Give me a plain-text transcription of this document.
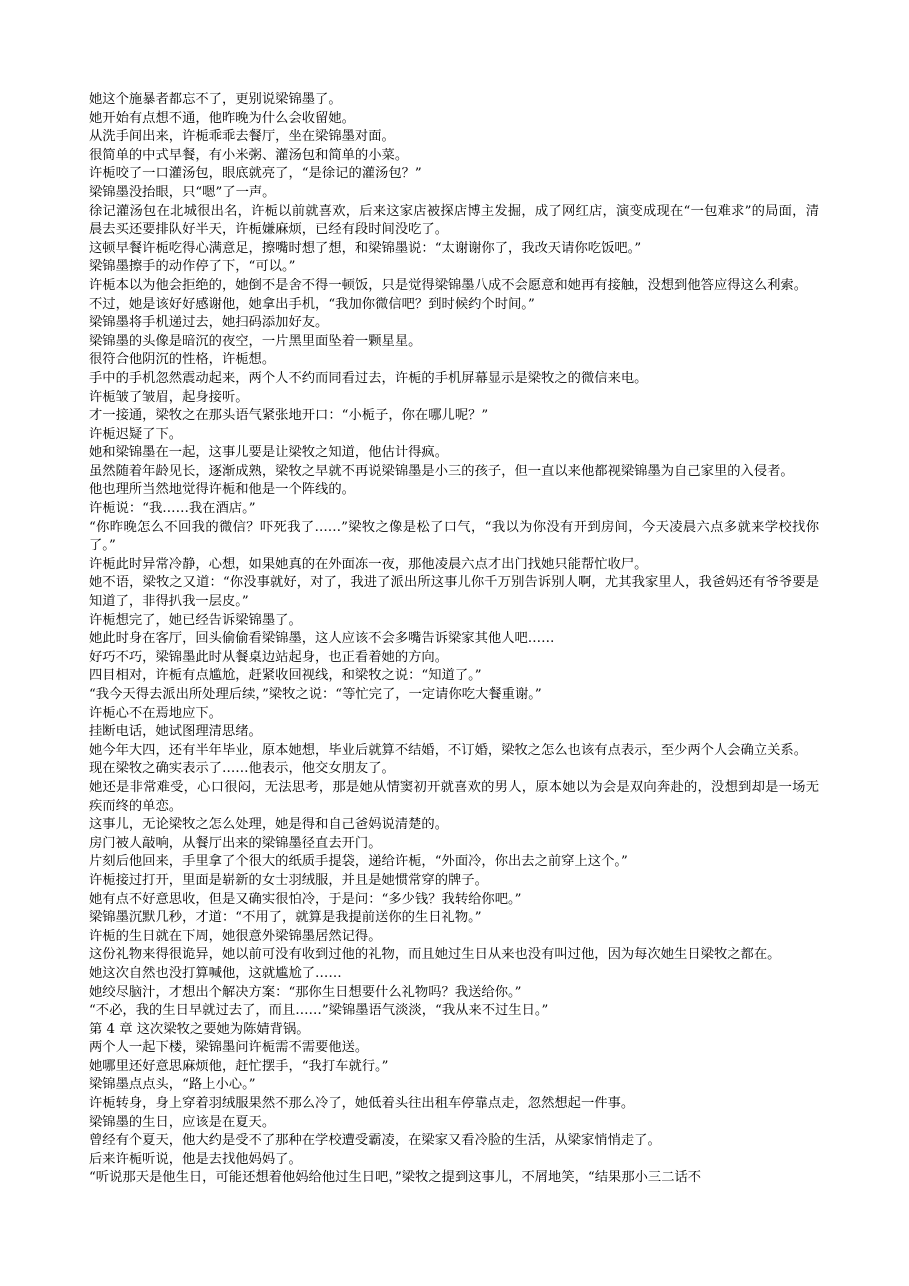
她这个施暴者都忘不了，更别说梁锦墨了。

她开始有点想不通，他昨晚为什么会收留她。

从洗手间出来，许栀乖乖去餐厅，坐在梁锦墨对面。

很简单的中式早餐，有小米粥、灌汤包和简单的小菜。

许栀咬了一口灌汤包，眼底就亮了，“是徐记的灌汤包？”

梁锦墨没抬眼，只“嗯”了一声。

徐记灌汤包在北城很出名，许栀以前就喜欢，后来这家店被探店博主发掘，成了网红店，演变成现在“一包难求”的局面，清晨去买还要排队好半天，许栀嫌麻烦，已经有段时间没吃了。

这顿早餐许栀吃得心满意足，擦嘴时想了想，和梁锦墨说：“太谢谢你了，我改天请你吃饭吧。”

梁锦墨擦手的动作停了下，“可以。”

许栀本以为他会拒绝的，她倒不是舍不得一顿饭，只是觉得梁锦墨八成不会愿意和她再有接触，没想到他答应得这么利索。

不过，她是该好好感谢他，她拿出手机，“我加你微信吧？到时候约个时间。”

梁锦墨将手机递过去，她扫码添加好友。

梁锦墨的头像是暗沉的夜空，一片黑里面坠着一颗星星。

很符合他阴沉的性格，许栀想。

手中的手机忽然震动起来，两个人不约而同看过去，许栀的手机屏幕显示是梁牧之的微信来电。

许栀皱了皱眉，起身接听。

才一接通，梁牧之在那头语气紧张地开口：“小栀子，你在哪儿呢？”

许栀迟疑了下。

她和梁锦墨在一起，这事儿要是让梁牧之知道，他估计得疯。

虽然随着年龄见长，逐渐成熟，梁牧之早就不再说梁锦墨是小三的孩子，但一直以来他都视梁锦墨为自己家里的入侵者。

他也理所当然地觉得许栀和他是一个阵线的。

许栀说：“我……我在酒店。”

“你昨晚怎么不回我的微信？吓死我了……”梁牧之像是松了口气，“我以为你没有开到房间，今天凌晨六点多就来学校找你了。”

许栀此时异常冷静，心想，如果她真的在外面冻一夜，那他凌晨六点才出门找她只能帮忙收尸。

她不语，梁牧之又道：“你没事就好，对了，我进了派出所这事儿你千万别告诉别人啊，尤其我家里人，我爸妈还有爷爷要是知道了，非得扒我一层皮。”

许栀想完了，她已经告诉梁锦墨了。

她此时身在客厅，回头偷偷看梁锦墨，这人应该不会多嘴告诉梁家其他人吧……

好巧不巧，梁锦墨此时从餐桌边站起身，也正看着她的方向。

四目相对，许栀有点尴尬，赶紧收回视线，和梁牧之说：“知道了。”

“我今天得去派出所处理后续，”梁牧之说：“等忙完了，一定请你吃大餐重谢。”

许栀心不在焉地应下。

挂断电话，她试图理清思绪。

她今年大四，还有半年毕业，原本她想，毕业后就算不结婚，不订婚，梁牧之怎么也该有点表示，至少两个人会确立关系。

现在梁牧之确实表示了……他表示，他交女朋友了。

她还是非常难受，心口很闷，无法思考，那是她从情窦初开就喜欢的男人，原本她以为会是双向奔赴的，没想到却是一场无疾而终的单恋。

这事儿，无论梁牧之怎么处理，她是得和自己爸妈说清楚的。

房门被人敲响，从餐厅出来的梁锦墨径直去开门。

片刻后他回来，手里拿了个很大的纸质手提袋，递给许栀，“外面冷，你出去之前穿上这个。”

许栀接过打开，里面是崭新的女士羽绒服，并且是她惯常穿的牌子。

她有点不好意思收，但是又确实很怕冷，于是问：“多少钱？我转给你吧。”

梁锦墨沉默几秒，才道：“不用了，就算是我提前送你的生日礼物。”

许栀的生日就在下周，她很意外梁锦墨居然记得。

这份礼物来得很诡异，她以前可没有收到过他的礼物，而且她过生日从来也没有叫过他，因为每次她生日梁牧之都在。

她这次自然也没打算喊他，这就尴尬了……

她绞尽脑汁，才想出个解决方案：“那你生日想要什么礼物吗？我送给你。”

“不必，我的生日早就过去了，而且……”梁锦墨语气淡淡，“我从来不过生日。”

第 4 章 这次梁牧之要她为陈婧背锅。

两个人一起下楼，梁锦墨问许栀需不需要他送。

她哪里还好意思麻烦他，赶忙摆手，“我打车就行。”

梁锦墨点点头，“路上小心。”

许栀转身，身上穿着羽绒服果然不那么冷了，她低着头往出租车停靠点走，忽然想起一件事。

梁锦墨的生日，应该是在夏天。

曾经有个夏天，他大约是受不了那种在学校遭受霸凌，在梁家又看冷脸的生活，从梁家悄悄走了。

后来许栀听说，他是去找他妈妈了。

“听说那天是他生日，可能还想着他妈给他过生日吧，”梁牧之提到这事儿，不屑地笑，“结果那小三二话不
